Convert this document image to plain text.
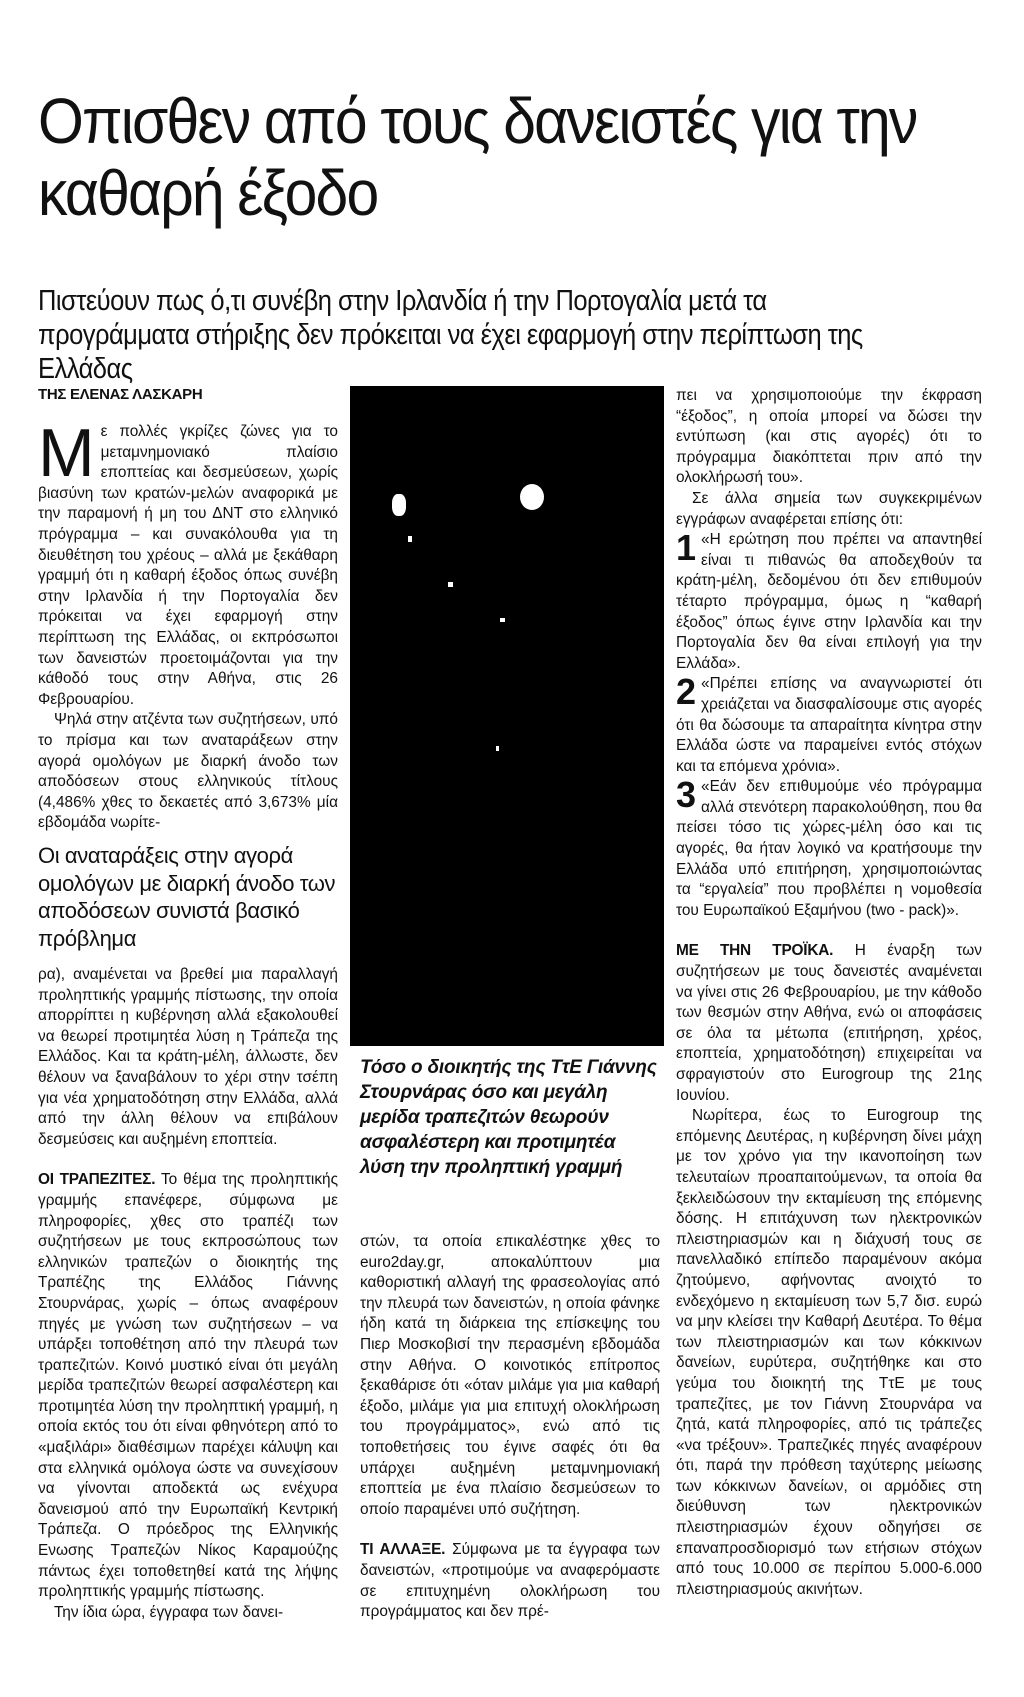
Οπισθεν από τους δανειστές για την καθαρή έξοδο

Πιστεύουν πως ό,τι συνέβη στην Ιρλανδία ή την Πορτογαλία μετά τα προγράμματα στήριξης δεν πρόκειται να έχει εφαρμογή στην περίπτωση της Ελλάδας

ΤΗΣ ΕΛΕΝΑΣ ΛΑΣΚΑΡΗ

Με πολλές γκρίζες ζώνες για το μεταμνημονιακό πλαίσιο εποπτείας και δεσμεύσεων, χωρίς βιασύνη των κρατών-μελών αναφορικά με την παραμονή ή μη του ΔΝΤ στο ελληνικό πρόγραμμα – και συνακόλουθα για τη διευθέτηση του χρέους – αλλά με ξεκάθαρη γραμμή ότι η καθαρή έξοδος όπως συνέβη στην Ιρλανδία ή την Πορτογαλία δεν πρόκειται να έχει εφαρμογή στην περίπτωση της Ελλάδας, οι εκπρόσωποι των δανειστών προετοιμάζονται για την κάθοδό τους στην Αθήνα, στις 26 Φεβρουαρίου.

Ψηλά στην ατζέντα των συζητήσεων, υπό το πρίσμα και των αναταράξεων στην αγορά ομολόγων με διαρκή άνοδο των αποδόσεων στους ελληνικούς τίτλους (4,486% χθες το δεκαετές από 3,673% μία εβδομάδα νωρίτε-

Οι αναταράξεις στην αγορά ομολόγων με διαρκή άνοδο των αποδόσεων συνιστά βασικό πρόβλημα

ρα), αναμένεται να βρεθεί μια παραλλαγή προληπτικής γραμμής πίστωσης, την οποία απορρίπτει η κυβέρνηση αλλά εξακολουθεί να θεωρεί προτιμητέα λύση η Τράπεζα της Ελλάδος. Και τα κράτη-μέλη, άλλωστε, δεν θέλουν να ξαναβάλουν το χέρι στην τσέπη για νέα χρηματοδότηση στην Ελλάδα, αλλά από την άλλη θέλουν να επιβάλουν δεσμεύσεις και αυξημένη εποπτεία.

ΟΙ ΤΡΑΠΕΖΙΤΕΣ. Το θέμα της προληπτικής γραμμής επανέφερε, σύμφωνα με πληροφορίες, χθες στο τραπέζι των συζητήσεων με τους εκπροσώπους των ελληνικών τραπεζών ο διοικητής της Τραπέζης της Ελλάδος Γιάννης Στουρνάρας, χωρίς – όπως αναφέρουν πηγές με γνώση των συζητήσεων – να υπάρξει τοποθέτηση από την πλευρά των τραπεζιτών. Κοινό μυστικό είναι ότι μεγάλη μερίδα τραπεζιτών θεωρεί ασφαλέστερη και προτιμητέα λύση την προληπτική γραμμή, η οποία εκτός του ότι είναι φθηνότερη από το «μαξιλάρι» διαθέσιμων παρέχει κάλυψη και στα ελληνικά ομόλογα ώστε να συνεχίσουν να γίνονται αποδεκτά ως ενέχυρα δανεισμού από την Ευρωπαϊκή Κεντρική Τράπεζα. Ο πρόεδρος της Ελληνικής Ενωσης Τραπεζών Νίκος Καραμούζης πάντως έχει τοποθετηθεί κατά της λήψης προληπτικής γραμμής πίστωσης.

Την ίδια ώρα, έγγραφα των δανει-

EUROKINISSI ... ΚΟΝΤΑΡΙΝΗΣ
Τόσο ο διοικητής της ΤτΕ Γιάννης Στουρνάρας όσο και μεγάλη μερίδα τραπεζιτών θεωρούν ασφαλέστερη και προτιμητέα λύση την προληπτική γραμμή

στών, τα οποία επικαλέστηκε χθες το euro2day.gr, αποκαλύπτουν μια καθοριστική αλλαγή της φρασεολογίας από την πλευρά των δανειστών, η οποία φάνηκε ήδη κατά τη διάρκεια της επίσκεψης του Πιερ Μοσκοβισί την περασμένη εβδομάδα στην Αθήνα. Ο κοινοτικός επίτροπος ξεκαθάρισε ότι «όταν μιλάμε για μια καθαρή έξοδο, μιλάμε για μια επιτυχή ολοκλήρωση του προγράμματος», ενώ από τις τοποθετήσεις του έγινε σαφές ότι θα υπάρχει αυξημένη μεταμνημονιακή εποπτεία με ένα πλαίσιο δεσμεύσεων το οποίο παραμένει υπό συζήτηση.

ΤΙ ΑΛΛΑΞΕ. Σύμφωνα με τα έγγραφα των δανειστών, «προτιμούμε να αναφερόμαστε σε επιτυχημένη ολοκλήρωση του προγράμματος και δεν πρέ-

πει να χρησιμοποιούμε την έκφραση “έξοδος”, η οποία μπορεί να δώσει την εντύπωση (και στις αγορές) ότι το πρόγραμμα διακόπτεται πριν από την ολοκλήρωσή του».

Σε άλλα σημεία των συγκεκριμένων εγγράφων αναφέρεται επίσης ότι:

1 «Η ερώτηση που πρέπει να απαντηθεί είναι τι πιθανώς θα αποδεχθούν τα κράτη-μέλη, δεδομένου ότι δεν επιθυμούν τέταρτο πρόγραμμα, όμως η “καθαρή έξοδος” όπως έγινε στην Ιρλανδία και την Πορτογαλία δεν θα είναι επιλογή για την Ελλάδα».

2 «Πρέπει επίσης να αναγνωριστεί ότι χρειάζεται να διασφαλίσουμε στις αγορές ότι θα δώσουμε τα απαραίτητα κίνητρα στην Ελλάδα ώστε να παραμείνει εντός στόχων και τα επόμενα χρόνια».

3 «Εάν δεν επιθυμούμε νέο πρόγραμμα αλλά στενότερη παρακολούθηση, που θα πείσει τόσο τις χώρες-μέλη όσο και τις αγορές, θα ήταν λογικό να κρατήσουμε την Ελλάδα υπό επιτήρηση, χρησιμοποιώντας τα “εργαλεία” που προβλέπει η νομοθεσία του Ευρωπαϊκού Εξαμήνου (two - pack)».

ΜΕ ΤΗΝ ΤΡΟΪΚΑ. Η έναρξη των συζητήσεων με τους δανειστές αναμένεται να γίνει στις 26 Φεβρουαρίου, με την κάθοδο των θεσμών στην Αθήνα, ενώ οι αποφάσεις σε όλα τα μέτωπα (επιτήρηση, χρέος, εποπτεία, χρηματοδότηση) επιχειρείται να σφραγιστούν στο Eurogroup της 21ης Ιουνίου.

Νωρίτερα, έως το Eurogroup της επόμενης Δευτέρας, η κυβέρνηση δίνει μάχη με τον χρόνο για την ικανοποίηση των τελευταίων προαπαιτούμενων, τα οποία θα ξεκλειδώσουν την εκταμίευση της επόμενης δόσης. Η επιτάχυνση των ηλεκτρονικών πλειστηριασμών και η διάχυσή τους σε πανελλαδικό επίπεδο παραμένουν ακόμα ζητούμενο, αφήνοντας ανοιχτό το ενδεχόμενο η εκταμίευση των 5,7 δισ. ευρώ να μην κλείσει την Καθαρή Δευτέρα. Το θέμα των πλειστηριασμών και των κόκκινων δανείων, ευρύτερα, συζητήθηκε και στο γεύμα του διοικητή της ΤτΕ με τους τραπεζίτες, με τον Γιάννη Στουρνάρα να ζητά, κατά πληροφορίες, από τις τράπεζες «να τρέξουν». Τραπεζικές πηγές αναφέρουν ότι, παρά την πρόθεση ταχύτερης μείωσης των κόκκινων δανείων, οι αρμόδιες στη διεύθυνση των ηλεκτρονικών πλειστηριασμών έχουν οδηγήσει σε επαναπροσδιορισμό των ετήσιων στόχων από τους 10.000 σε περίπου 5.000-6.000 πλειστηριασμούς ακινήτων.
